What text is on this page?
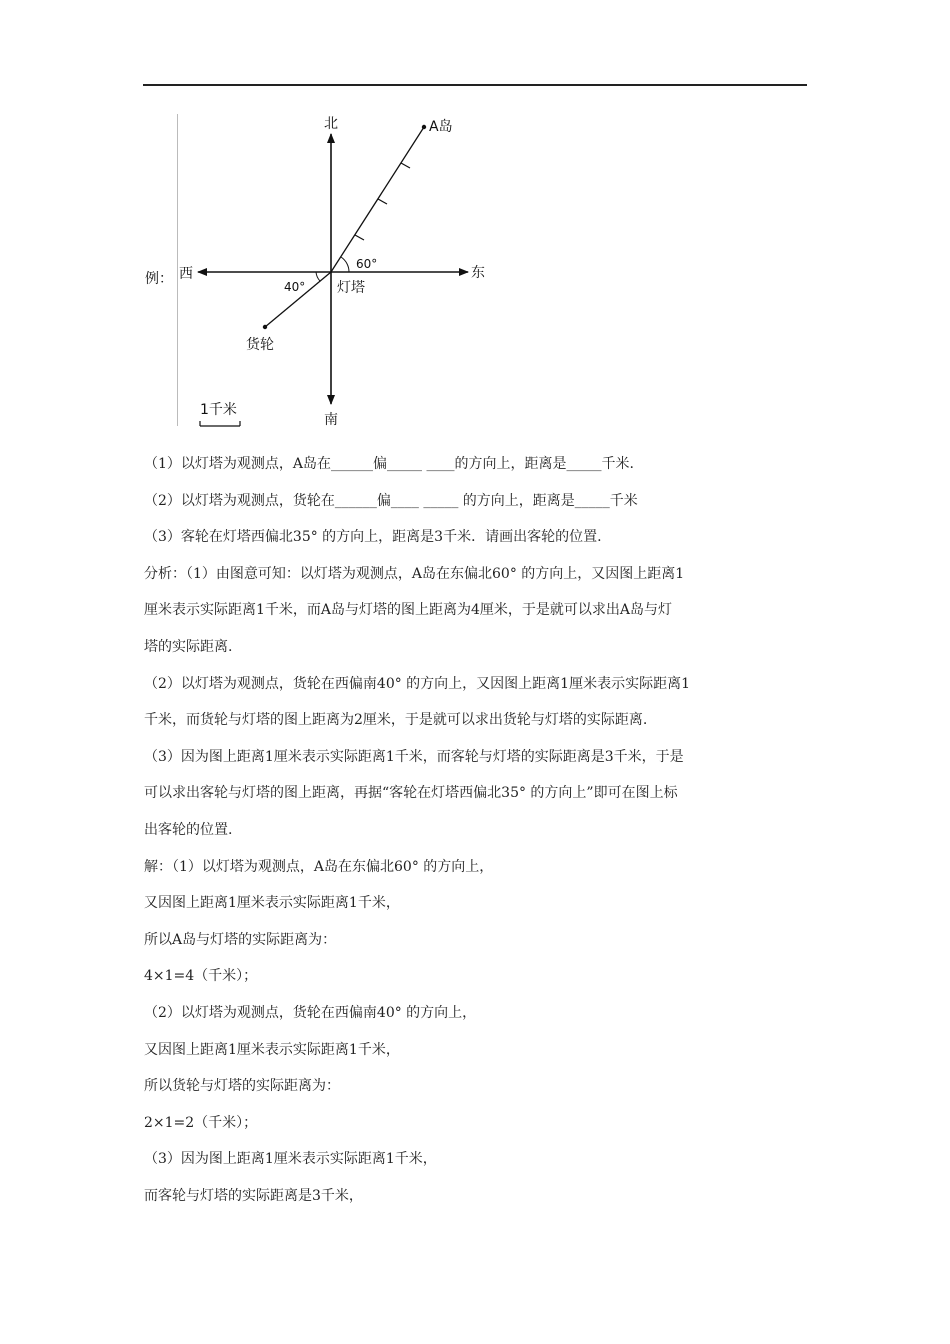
例： 西	东
北
南
A岛
灯塔
货轮
60°
40°
1千米
（1）以灯塔为观测点，A岛在______偏_____ ____的方向上，距离是_____千米.
（2）以灯塔为观测点，货轮在______偏____ _____ 的方向上，距离是_____千米
（3）客轮在灯塔西偏北35° 的方向上，距离是3千米．请画出客轮的位置.
分析：（1）由图意可知：以灯塔为观测点，A岛在东偏北60° 的方向上，又因图上距离1
厘米表示实际距离1千米，而A岛与灯塔的图上距离为4厘米，于是就可以求出A岛与灯
塔的实际距离.
（2）以灯塔为观测点，货轮在西偏南40° 的方向上，又因图上距离1厘米表示实际距离1
千米，而货轮与灯塔的图上距离为2厘米，于是就可以求出货轮与灯塔的实际距离.
（3）因为图上距离1厘米表示实际距离1千米，而客轮与灯塔的实际距离是3千米，于是
可以求出客轮与灯塔的图上距离，再据“客轮在灯塔西偏北35° 的方向上”即可在图上标
出客轮的位置.
解：（1）以灯塔为观测点，A岛在东偏北60° 的方向上，
又因图上距离1厘米表示实际距离1千米，
所以A岛与灯塔的实际距离为：
4×1=4（千米）；
（2）以灯塔为观测点，货轮在西偏南40° 的方向上，
又因图上距离1厘米表示实际距离1千米，
所以货轮与灯塔的实际距离为：
2×1=2（千米）；
（3）因为图上距离1厘米表示实际距离1千米，
而客轮与灯塔的实际距离是3千米，
